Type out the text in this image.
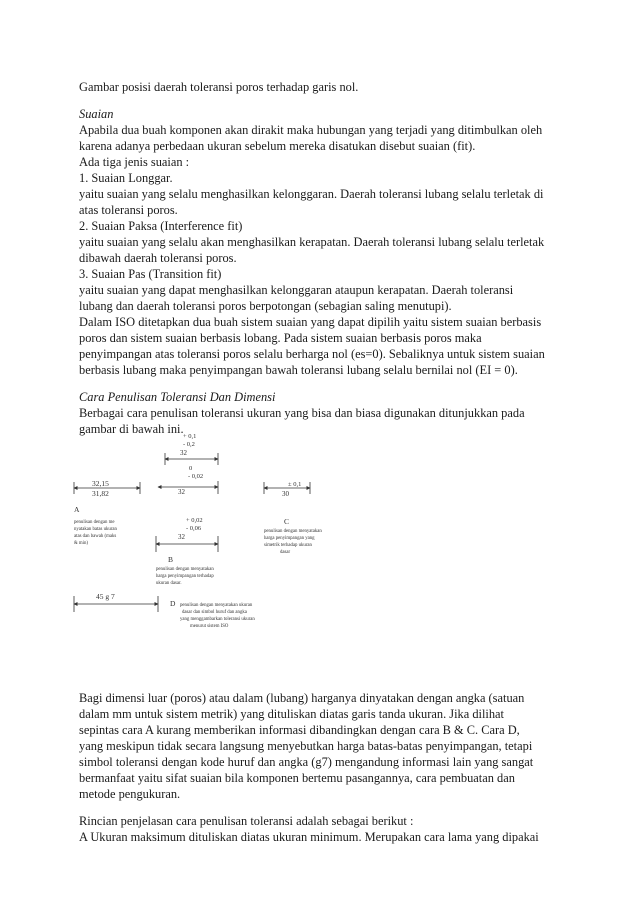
Gambar posisi daerah toleransi poros terhadap garis nol.
Suaian
Apabila dua buah komponen akan dirakit maka hubungan yang terjadi yang ditimbulkan oleh
karena adanya perbedaan ukuran sebelum mereka disatukan disebut suaian (fit).
Ada tiga jenis suaian :
1. Suaian Longgar.
yaitu suaian yang selalu menghasilkan kelonggaran. Daerah toleransi lubang selalu terletak di
atas toleransi poros.
2. Suaian Paksa (Interference fit)
yaitu suaian yang selalu akan menghasilkan kerapatan. Daerah toleransi lubang selalu terletak
dibawah daerah toleransi poros.
3. Suaian Pas (Transition fit)
yaitu suaian yang dapat menghasilkan kelonggaran ataupun kerapatan. Daerah toleransi
lubang dan daerah toleransi poros berpotongan (sebagian saling menutupi).
Dalam ISO ditetapkan dua buah sistem suaian yang dapat dipilih yaitu sistem suaian berbasis
poros dan sistem suaian berbasis lobang. Pada sistem suaian berbasis poros maka
penyimpangan atas toleransi poros selalu berharga nol (es=0). Sebaliknya untuk sistem suaian
berbasis lubang maka penyimpangan bawah toleransi lubang selalu bernilai nol (EI = 0).
Cara Penulisan Toleransi Dan Dimensi
Berbagai cara penulisan toleransi ukuran yang bisa dan biasa digunakan ditunjukkan pada
gambar di bawah ini.
+ 0,1
- 0,2
32
0
- 0,02
32
32,15
31,82
± 0,1
30
A
penulisan dengan me
nyatakan batas ukuran
atas dan bawah (maks
& min)
+ 0,02
- 0,06
32
C
penulisan dengan menyatakan
harga penyimpangan yang
simetrik terhadap ukuran
dasar
B
penulisan dengan menyatakan
harga penyimpangan terhadap
ukuran dasar.
45 g 7
D penulisan dengan menyatakan ukuran
dasar dan simbol huruf dan angka
yang menggambarkan toleransi ukuran
menurut sistem ISO
Bagi dimensi luar (poros) atau dalam (lubang) harganya dinyatakan dengan angka (satuan
dalam mm untuk sistem metrik) yang dituliskan diatas garis tanda ukuran. Jika dilihat
sepintas cara A kurang memberikan informasi dibandingkan dengan cara B & C. Cara D,
yang meskipun tidak secara langsung menyebutkan harga batas-batas penyimpangan, tetapi
simbol toleransi dengan kode huruf dan angka (g7) mengandung informasi lain yang sangat
bermanfaat yaitu sifat suaian bila komponen bertemu pasangannya, cara pembuatan dan
metode pengukuran.
Rincian penjelasan cara penulisan toleransi adalah sebagai berikut :
A Ukuran maksimum dituliskan diatas ukuran minimum. Merupakan cara lama yang dipakai
